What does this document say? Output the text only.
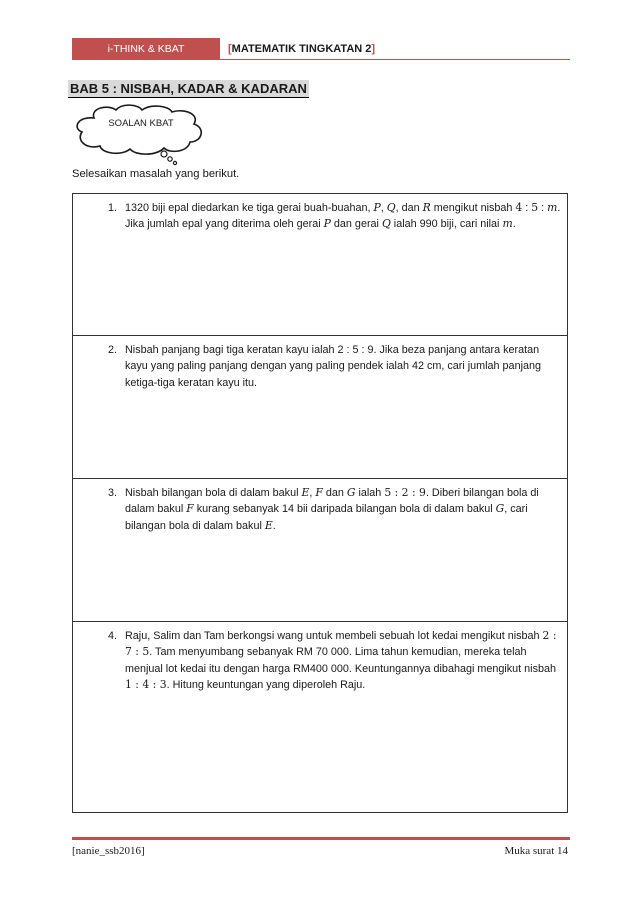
i-THINK & KBAT	[ MATEMATIK TINGKATAN 2 ]
BAB 5 : NISBAH, KADAR & KADARAN
SOALAN KBAT
Selesaikan masalah yang berikut.
1. 1320 biji epal diedarkan ke tiga gerai buah-buahan, P, Q, dan R mengikut nisbah 4 : 5 : m. Jika jumlah epal yang diterima oleh gerai P dan gerai Q ialah 990 biji, cari nilai m.

2. Nisbah panjang bagi tiga keratan kayu ialah 2 : 5 : 9. Jika beza panjang antara keratan kayu yang paling panjang dengan yang paling pendek ialah 42 cm, cari jumlah panjang ketiga-tiga keratan kayu itu.

3. Nisbah bilangan bola di dalam bakul E, F dan G ialah 5 : 2 : 9. Diberi bilangan bola di dalam bakul F kurang sebanyak 14 bii daripada bilangan bola di dalam bakul G, cari bilangan bola di dalam bakul E.

4. Raju, Salim dan Tam berkongsi wang untuk membeli sebuah lot kedai mengikut nisbah 2 : 7 : 5. Tam menyumbang sebanyak RM 70 000. Lima tahun kemudian, mereka telah menjual lot kedai itu dengan harga RM400 000. Keuntungannya dibahagi mengikut nisbah 1 : 4 : 3. Hitung keuntungan yang diperoleh Raju.
[nanie_ssb2016]	Muka surat 14
